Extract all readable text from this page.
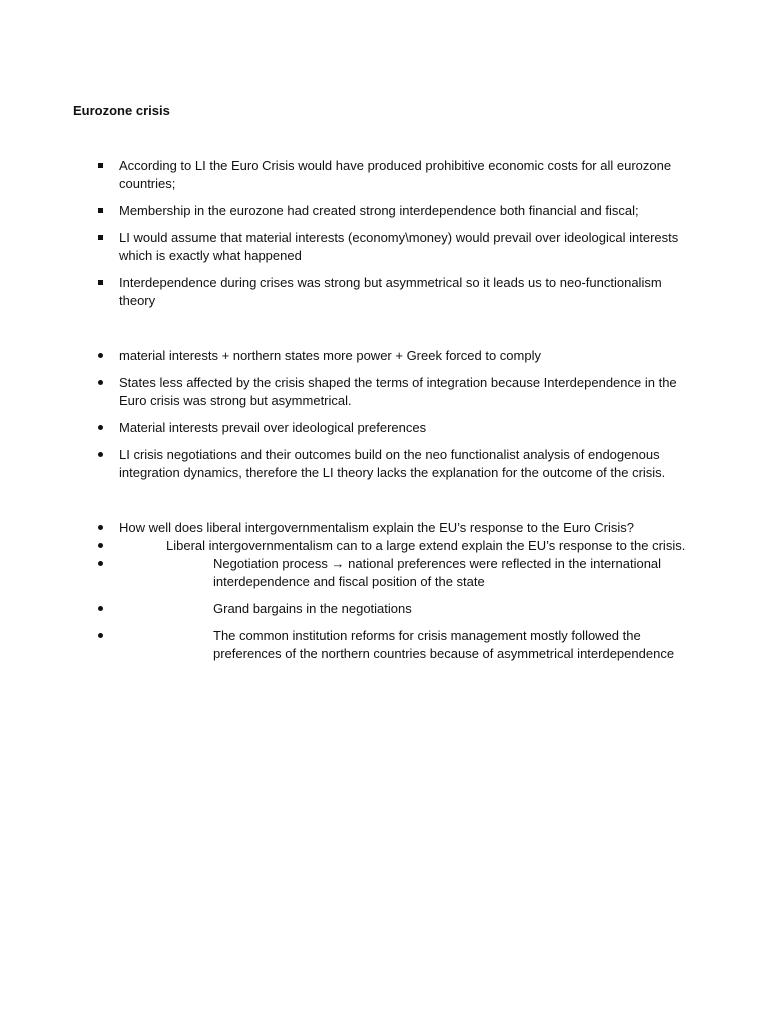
Eurozone crisis
According to LI the Euro Crisis would have produced prohibitive economic costs for all eurozone countries;
Membership in the eurozone had created strong interdependence both financial and fiscal;
LI would assume that material interests (economy\money) would prevail over ideological interests which is exactly what happened
Interdependence during crises was strong but asymmetrical so it leads us to neo-functionalism theory
material interests + northern states more power + Greek forced to comply
States less affected by the crisis shaped the terms of integration because Interdependence in the Euro crisis was strong but asymmetrical.
Material interests prevail over ideological preferences
LI crisis negotiations and their outcomes build on the neo functionalist analysis of endogenous integration dynamics, therefore the LI theory lacks the explanation for the outcome of the crisis.
How well does liberal intergovernmentalism explain the EU’s response to the Euro Crisis?
Liberal intergovernmentalism can to a large extend explain the EU’s response to the crisis.
Negotiation process → national preferences were reflected in the international interdependence and fiscal position of the state
Grand bargains in the negotiations
The common institution reforms for crisis management mostly followed the preferences of the northern countries because of asymmetrical interdependence
